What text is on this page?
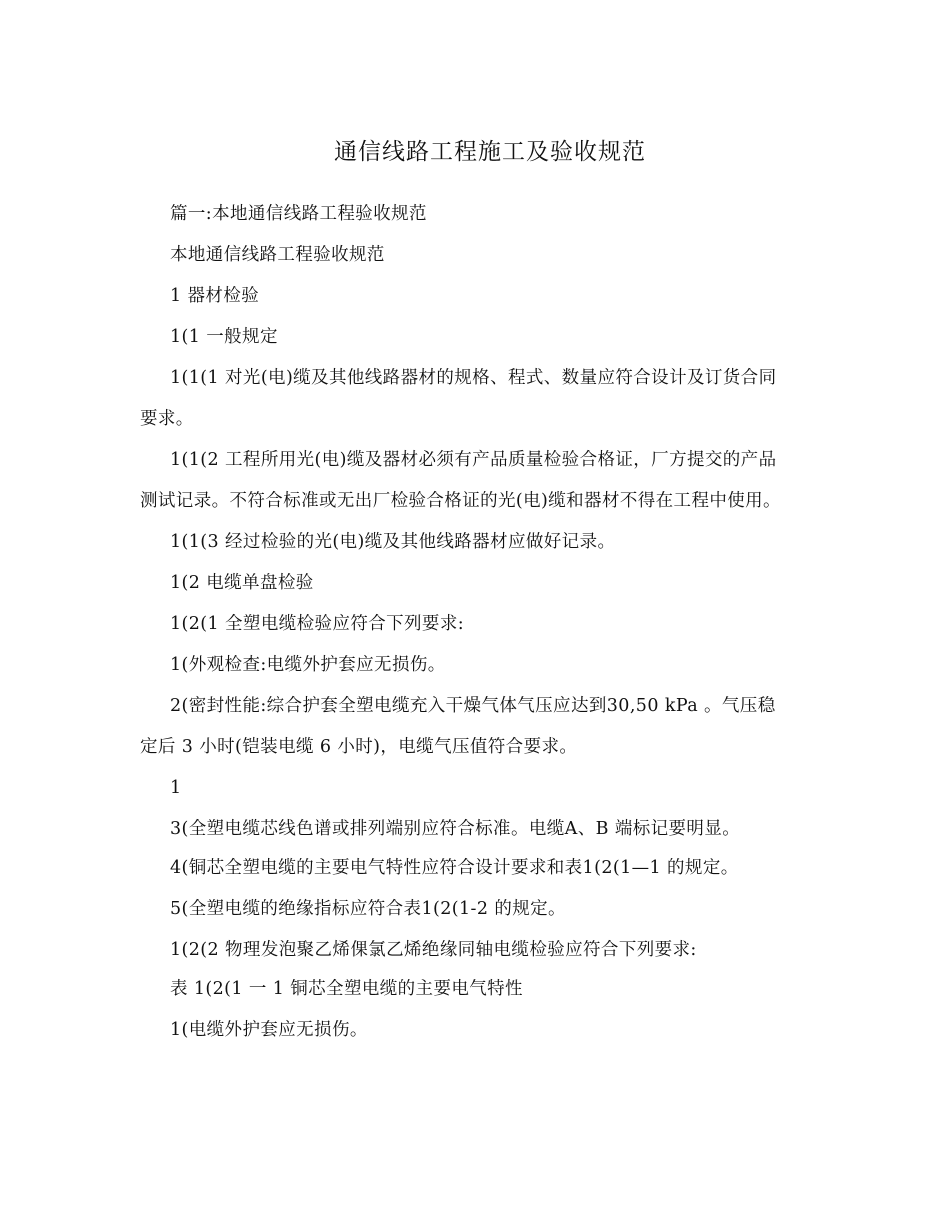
通信线路工程施工及验收规范
篇一:本地通信线路工程验收规范
本地通信线路工程验收规范
1 器材检验
1(1 一般规定
1(1(1 对光(电)缆及其他线路器材的规格、程式、数量应符合设计及订货合同
要求。
1(1(2 工程所用光(电)缆及器材必须有产品质量检验合格证，厂方提交的产品
测试记录。不符合标准或无出厂检验合格证的光(电)缆和器材不得在工程中使用。
1(1(3 经过检验的光(电)缆及其他线路器材应做好记录。
1(2 电缆单盘检验
1(2(1 全塑电缆检验应符合下列要求:
1(外观检查:电缆外护套应无损伤。
2(密封性能:综合护套全塑电缆充入干燥气体气压应达到30,50 kPa 。气压稳
定后 3 小时(铠装电缆 6 小时)，电缆气压值符合要求。
1
3(全塑电缆芯线色谱或排列端别应符合标准。电缆A、B 端标记要明显。
4(铜芯全塑电缆的主要电气特性应符合设计要求和表1(2(1—1 的规定。
5(全塑电缆的绝缘指标应符合表1(2(1-2 的规定。
1(2(2 物理发泡聚乙烯倮氯乙烯绝缘同轴电缆检验应符合下列要求:
表 1(2(1 一 1 铜芯全塑电缆的主要电气特性
1(电缆外护套应无损伤。
